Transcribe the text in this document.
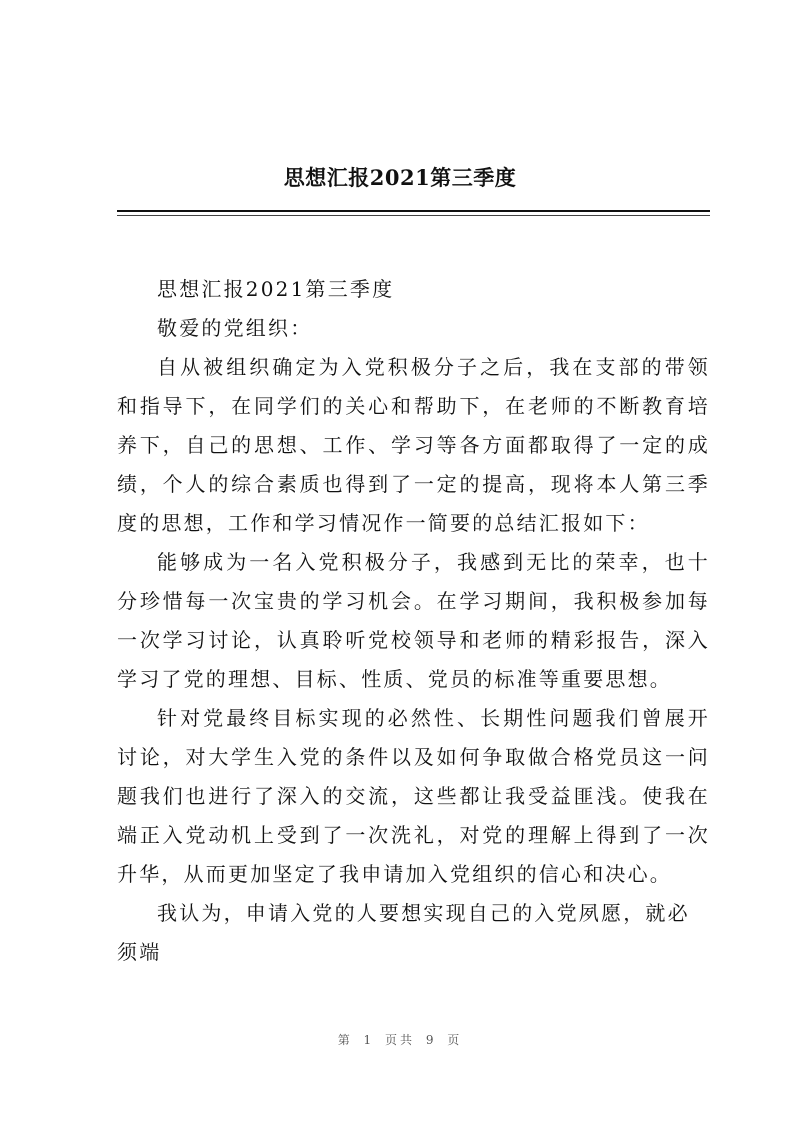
思想汇报2021第三季度

思想汇报2021第三季度

敬爱的党组织：

自从被组织确定为入党积极分子之后，我在支部的带领和指导下，在同学们的关心和帮助下，在老师的不断教育培养下，自己的思想、工作、学习等各方面都取得了一定的成绩，个人的综合素质也得到了一定的提高，现将本人第三季度的思想，工作和学习情况作一简要的总结汇报如下：

能够成为一名入党积极分子，我感到无比的荣幸，也十分珍惜每一次宝贵的学习机会。在学习期间，我积极参加每一次学习讨论，认真聆听党校领导和老师的精彩报告，深入学习了党的理想、目标、性质、党员的标准等重要思想。

针对党最终目标实现的必然性、长期性问题我们曾展开讨论，对大学生入党的条件以及如何争取做合格党员这一问题我们也进行了深入的交流，这些都让我受益匪浅。使我在端正入党动机上受到了一次洗礼，对党的理解上得到了一次升华，从而更加坚定了我申请加入党组织的信心和决心。

我认为，申请入党的人要想实现自己的入党夙愿，就必须端

第 1 页共 9 页
